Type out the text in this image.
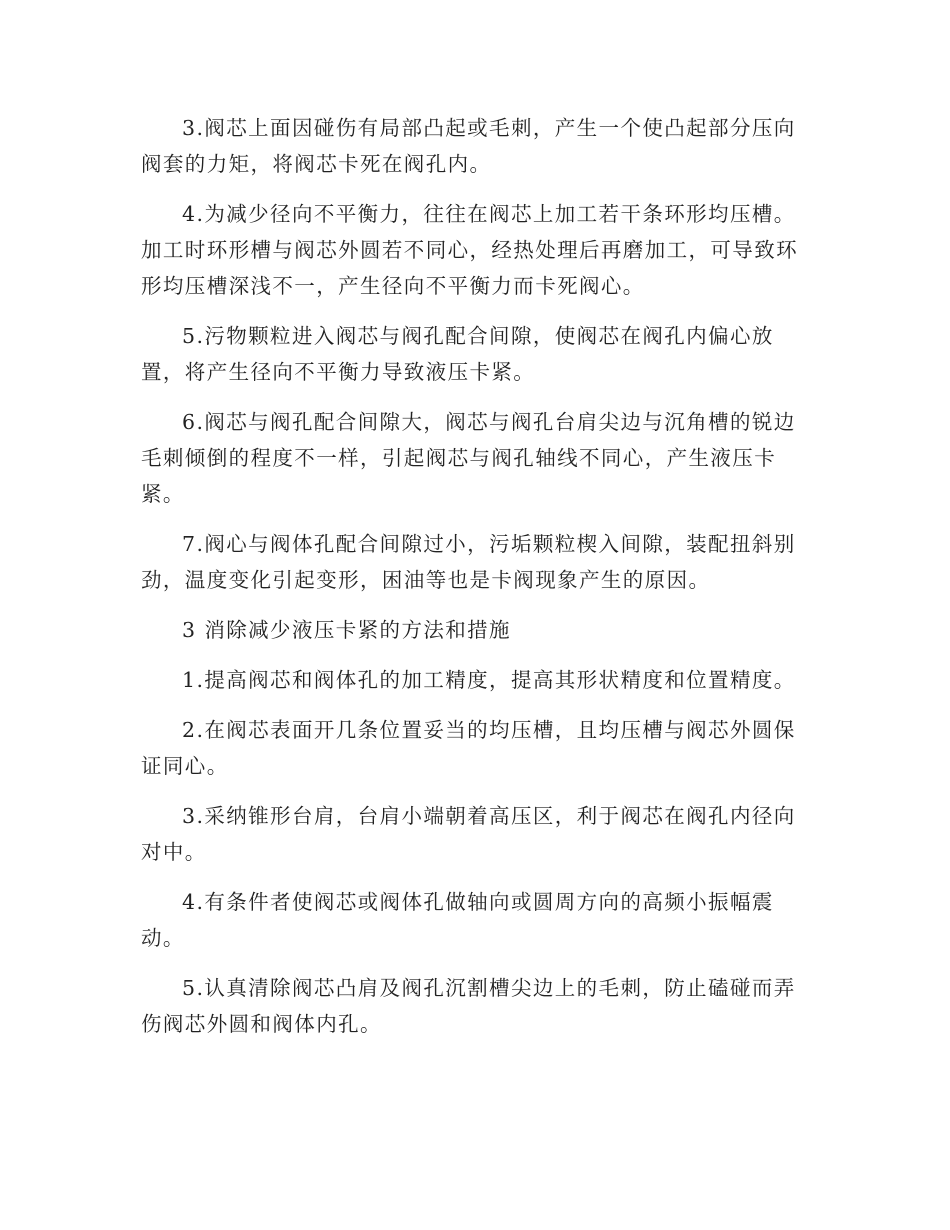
3.阀芯上面因碰伤有局部凸起或毛刺，产生一个使凸起部分压向阀套的力矩，将阀芯卡死在阀孔内。

4.为减少径向不平衡力，往往在阀芯上加工若干条环形均压槽。加工时环形槽与阀芯外圆若不同心，经热处理后再磨加工，可导致环形均压槽深浅不一，产生径向不平衡力而卡死阀心。

5.污物颗粒进入阀芯与阀孔配合间隙，使阀芯在阀孔内偏心放置，将产生径向不平衡力导致液压卡紧。

6.阀芯与阀孔配合间隙大，阀芯与阀孔台肩尖边与沉角槽的锐边毛刺倾倒的程度不一样，引起阀芯与阀孔轴线不同心，产生液压卡紧。

7.阀心与阀体孔配合间隙过小，污垢颗粒楔入间隙，装配扭斜别劲，温度变化引起变形，困油等也是卡阀现象产生的原因。

3 消除减少液压卡紧的方法和措施

1.提高阀芯和阀体孔的加工精度，提高其形状精度和位置精度。

2.在阀芯表面开几条位置妥当的均压槽，且均压槽与阀芯外圆保证同心。

3.采纳锥形台肩，台肩小端朝着高压区，利于阀芯在阀孔内径向对中。

4.有条件者使阀芯或阀体孔做轴向或圆周方向的高频小振幅震动。

5.认真清除阀芯凸肩及阀孔沉割槽尖边上的毛刺，防止磕碰而弄伤阀芯外圆和阀体内孔。
